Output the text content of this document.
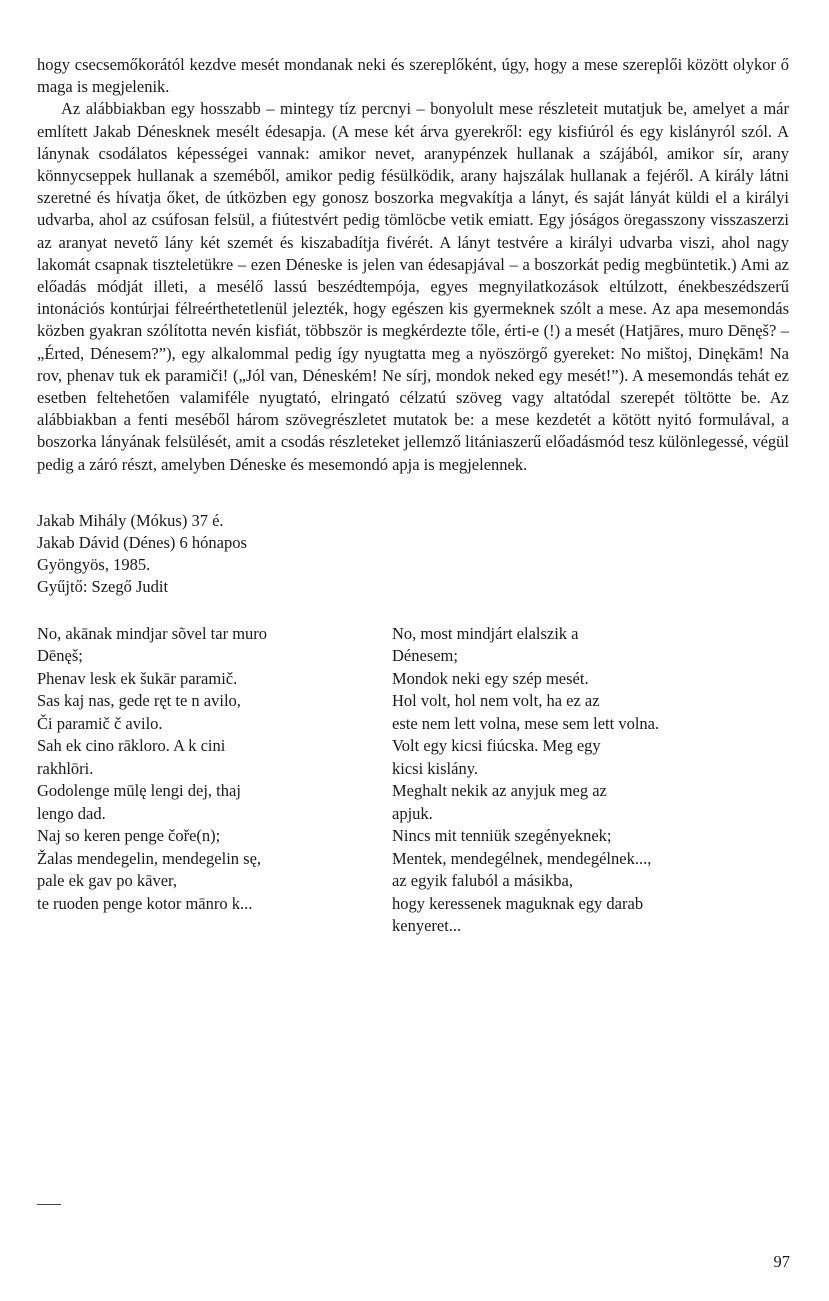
hogy csecsemőkorától kezdve mesét mondanak neki és szereplőként, úgy, hogy a mese szereplői között olykor ő maga is megjelenik.

Az alábbiakban egy hosszabb – mintegy tíz percnyi – bonyolult mese részleteit mutatjuk be, amelyet a már említett Jakab Dénesknek mesélt édesapja. (A mese két árva gyerekről: egy kisfiúról és egy kislányról szól. A lánynak csodálatos képességei vannak: amikor nevet, aranypénzek hullanak a szájából, amikor sír, arany könnycseppek hullanak a szeméből, amikor pedig fésülködik, arany hajszálak hullanak a fejéről. A király látni szeretné és hívatja őket, de útközben egy gonosz boszorka megvakítja a lányt, és saját lányát küldi el a királyi udvarba, ahol az csúfosan felsül, a fiútestvért pedig tömlöcbe vetik emiatt. Egy jóságos öregasszony visszaszerzi az aranyat nevető lány két szemét és kiszabadítja fivérét. A lányt testvére a királyi udvarba viszi, ahol nagy lakomát csapnak tiszteletükre – ezen Déneske is jelen van édesapjával – a boszorkát pedig megbüntetik.) Ami az előadás módját illeti, a mesélő lassú beszédtempója, egyes megnyilatkozások eltúlzott, énekbeszédszerű intonációs kontúrjai félreérthetetlenül jelezték, hogy egészen kis gyermeknek szólt a mese. Az apa mesemondás közben gyakran szólította nevén kisfiát, többször is megkérdezte tőle, érti-e (!) a mesét (Hatjāres, muro Dēnęš? – „Érted, Dénesem?”), egy alkalommal pedig így nyugtatta meg a nyöszörgő gyereket: No mištoj, Dinękām! Na rov, phenav tuk ek paramiči! („Jól van, Déneském! Ne sírj, mondok neked egy mesét!”). A mesemondás tehát ez esetben feltehetően valamiféle nyugtató, elringató célzatú szöveg vagy altatódal szerepét töltötte be. Az alábbiakban a fenti meséből három szövegrészletet mutatok be: a mese kezdetét a kötött nyitó formulával, a boszorka lányának felsülését, amit a csodás részleteket jellemző litániaszerű előadásmód tesz különlegessé, végül pedig a záró részt, amelyben Déneske és mesemondó apja is megjelennek.

Jakab Mihály (Mókus) 37 é.
Jakab Dávid (Dénes) 6 hónapos
Gyöngyös, 1985.
Gyűjtő: Szegő Judit
No, akānak mindjar sõvel tar muro
Dēnęš;
Phenav lesk ek šukār paramič.
Sas kaj nas, gede ręt te n avilo,
Či paramič č avilo.
Sah ek cino rākloro. A k cini
rakhlōri.
Godolenge mūlę lengi dej, thaj
lengo dad.
Naj so keren penge čoře(n);
Žalas mendegelin, mendegelin sę,
pale ek gav po kāver,
te ruoden penge kotor mānro k...
No, most mindjárt elalszik a
Dénesem;
Mondok neki egy szép mesét.
Hol volt, hol nem volt, ha ez az
este nem lett volna, mese sem lett volna.
Volt egy kicsi fiúcska. Meg egy
kicsi kislány.
Meghalt nekik az anyjuk meg az
apjuk.
Nincs mit tenniük szegényeknek;
Mentek, mendegélnek, mendegélnek...,
az egyik faluból a másikba,
hogy keressenek maguknak egy darab
kenyeret...
97
